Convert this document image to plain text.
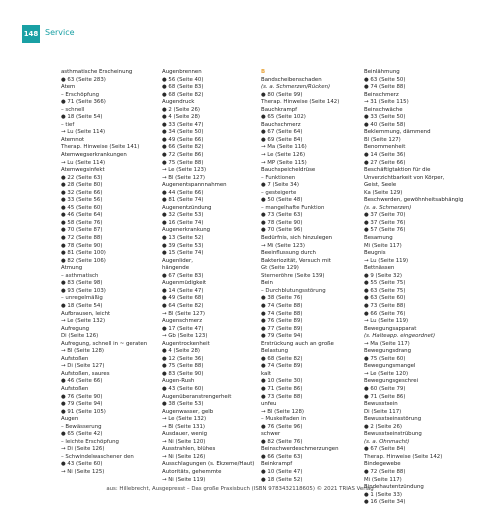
148 Service
asthmatische Erscheinung
● 63 (Seite 283)
Atem
– Erschöpfung
● 71 (Seite 366)
– schnell
● 18 (Seite 54)
– tief
→ Lu (Seite 114)
Atemnot
Therap. Hinweise (Seite 141)
Atemwegserkrankungen
→ Lu (Seite 114)
Atemwegsinfekt
● 22 (Seite 63)
● 28 (Seite 80)
● 32 (Seite 66)
● 33 (Seite 56)
● 45 (Seite 60)
● 46 (Seite 64)
● 58 (Seite 76)
● 70 (Seite 87)
● 72 (Seite 88)
● 78 (Seite 90)
● 81 (Seite 100)
● 82 (Seite 106)
Atmung
– asthmatisch
● 83 (Seite 98)
● 93 (Seite 103)
– unregelmäßig
● 18 (Seite 54)
Aufbrausen, leicht
→ Le (Seite 132)
Aufregung
Di (Seite 126)
Aufregung, schnell in ~ geraten
→ Bl (Seite 128)
Aufstoßen
→ Di (Seite 127)
Aufstoßen, saures
● 46 (Seite 66)
Aufstoßen
● 76 (Seite 90)
● 79 (Seite 94)
● 91 (Seite 105)
Augen
– Bewässerung
● 65 (Seite 42)
– leichte Erschöpfung
→ Di (Seite 126)
– Schwindelwaschener den
● 43 (Seite 60)
→ Ni (Seite 125)
Augenbrennen
● 56 (Seite 40)
● 68 (Seite 83)
● 68 (Seite 82)
Augendruck
● 2 (Seite 26)
● 4 (Seite 28)
● 33 (Seite 47)
● 34 (Seite 50)
● 49 (Seite 66)
● 66 (Seite 82)
● 72 (Seite 86)
● 75 (Seite 88)
→ Le (Seite 123)
→ Bl (Seite 127)
Augenentspannnahmen
● 44 (Seite 66)
● 81 (Seite 74)
Augenentzündung
● 32 (Seite 53)
● 16 (Seite 74)
Augenerkrankung
● 13 (Seite 52)
● 39 (Seite 53)
● 15 (Seite 74)
Augenlider,
hängende
● 67 (Seite 83)
Augenmüdigkeit
● 14 (Seite 47)
● 49 (Seite 68)
● 64 (Seite 82)
→ Bl (Seite 127)
Augenschmerz
● 17 (Seite 47)
→ Gb (Seite 123)
Augentrockenheit
● 4 (Seite 28)
● 12 (Seite 36)
● 75 (Seite 88)
● 83 (Seite 90)
Augen-Rush
● 43 (Seite 60)
Augenüberanstrengerheit
● 38 (Seite 53)
Augenwasser, gelb
→ Le (Seite 132)
→ Bl (Seite 131)
Ausdauer, wenig
→ Ni (Seite 120)
Ausstrahlen, blühes
→ Ni (Seite 126)
Ausschlagungen (s. Ekzeme/Haut)
Autoritäts, gehemmte
→ Ni (Seite 119)
B
Bandscheibenschaden
(s. a. Schmerzen/Rücken)
● 80 (Seite 99)
Therap. Hinweise (Seite 142)
Bauchkrampf
● 65 (Seite 102)
Bauchschmerz
● 67 (Seite 64)
● 69 (Seite 84)
→ Ma (Seite 116)
→ Le (Seite 126)
→ MP (Seite 115)
Bauchspeicheldrüse
– Funktionen
● 7 (Seite 34)
– gesteigerte
● 50 (Seite 48)
– mangelhafte Funktion
● 73 (Seite 63)
● 78 (Seite 90)
● 70 (Seite 96)
Bedürfnis, sich hinzulegen
→ Mi (Seite 123)
Beeinflussung durch
Bakteriozität, Versuch mit
Gt (Seite 129)
Sterneröhre (Seite 139)
Bein
– Durchblutungsstörung
● 38 (Seite 76)
● 74 (Seite 88)
● 74 (Seite 88)
● 76 (Seite 89)
● 77 (Seite 89)
● 79 (Seite 94)
Erstrückung auch an große
Belastung
● 68 (Seite 82)
● 74 (Seite 89)
kalt
● 10 (Seite 30)
● 71 (Seite 86)
● 73 (Seite 88)
unfeu
→ Bl (Seite 128)
– Muskelfaden in
● 76 (Seite 96)
schwer
● 82 (Seite 76)
Beinschwerdeschmerzungen
● 66 (Seite 63)
Beinkrampf
● 10 (Seite 47)
● 18 (Seite 52)
Beinlähmung
● 63 (Seite 50)
● 74 (Seite 88)
Beinschmerz
→ 31 (Seite 115)
Beinschwäche
● 33 (Seite 50)
● 40 (Seite 58)
Beklemmung, dämmend
Bl (Seite 127)
Benommenheit
● 14 (Seite 36)
● 27 (Seite 66)
Beschäftigtaktion für die
Unverzichtbarkeit von Körper,
Geist, Seele
Ka (Seite 129)
Beschwerden, gewöhnheitsabhängig
(s. a. Schmerzen)
● 37 (Seite 70)
● 37 (Seite 76)
● 57 (Seite 76)
Besamung
Mi (Seite 117)
Beugnis
→ Lu (Seite 119)
Bettnässen
● 9 (Seite 32)
● 55 (Seite 75)
● 63 (Seite 75)
● 63 (Seite 60)
● 73 (Seite 88)
● 66 (Seite 76)
→ Lu (Seite 119)
Bewegungsapparat
(s. Halteapp. eingeordnet)
→ Ma (Seite 117)
Bewegungsdrang
● 75 (Seite 60)
Bewegungsmangel
→ Le (Seite 120)
Bewegungsgeschrei
● 60 (Seite 79)
● 71 (Seite 86)
Bewusstsein
Di (Seite 117)
Bewusstseinsstörung
● 2 (Seite 26)
Bewusstseinstrübung
(s. a. Ohnmacht)
● 67 (Seite 84)
Therap. Hinweise (Seite 142)
Bindegewebe
● 72 (Seite 88)
Mi (Seite 117)
Bindehautentzündung
● 1 (Seite 33)
● 16 (Seite 34)
aus: Hillebrecht, Ausgepresst – Das große Praxisbuch (ISBN 9783432118605) © 2021 TRIAS Verlag
